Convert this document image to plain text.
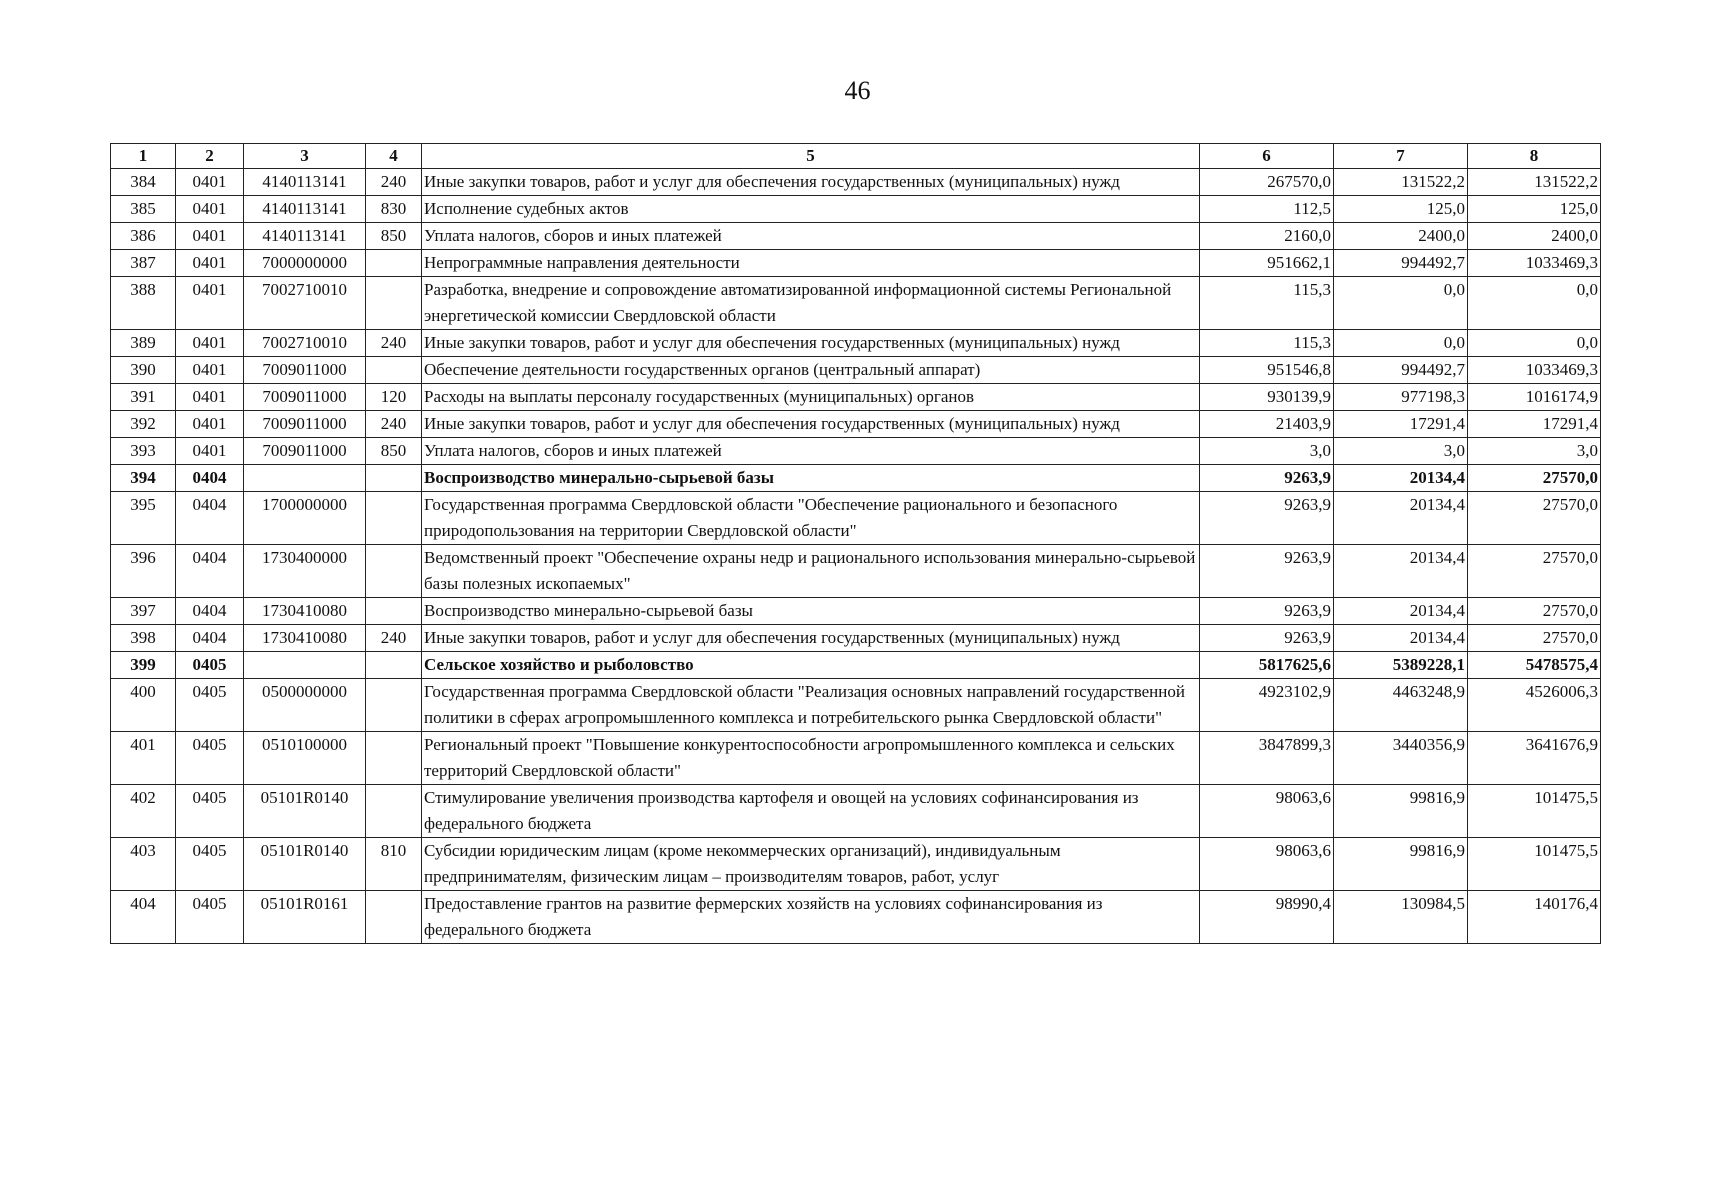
46
1	2	3	4	5	6	7	8
384	0401	4140113141	240	Иные закупки товаров, работ и услуг для обеспечения государственных (муниципальных) нужд	267570,0	131522,2	131522,2
385	0401	4140113141	830	Исполнение судебных актов	112,5	125,0	125,0
386	0401	4140113141	850	Уплата налогов, сборов и иных платежей	2160,0	2400,0	2400,0
387	0401	7000000000		Непрограммные направления деятельности	951662,1	994492,7	1033469,3
388	0401	7002710010		Разработка, внедрение и сопровождение автоматизированной информационной системы Региональной энергетической комиссии Свердловской области	115,3	0,0	0,0
389	0401	7002710010	240	Иные закупки товаров, работ и услуг для обеспечения государственных (муниципальных) нужд	115,3	0,0	0,0
390	0401	7009011000		Обеспечение деятельности государственных органов (центральный аппарат)	951546,8	994492,7	1033469,3
391	0401	7009011000	120	Расходы на выплаты персоналу государственных (муниципальных) органов	930139,9	977198,3	1016174,9
392	0401	7009011000	240	Иные закупки товаров, работ и услуг для обеспечения государственных (муниципальных) нужд	21403,9	17291,4	17291,4
393	0401	7009011000	850	Уплата налогов, сборов и иных платежей	3,0	3,0	3,0
394	0404			Воспроизводство минерально-сырьевой базы	9263,9	20134,4	27570,0
395	0404	1700000000		Государственная программа Свердловской области "Обеспечение рационального и безопасного природопользования на территории Свердловской области"	9263,9	20134,4	27570,0
396	0404	1730400000		Ведомственный проект "Обеспечение охраны недр и рационального использования минерально-сырьевой базы полезных ископаемых"	9263,9	20134,4	27570,0
397	0404	1730410080		Воспроизводство минерально-сырьевой базы	9263,9	20134,4	27570,0
398	0404	1730410080	240	Иные закупки товаров, работ и услуг для обеспечения государственных (муниципальных) нужд	9263,9	20134,4	27570,0
399	0405			Сельское хозяйство и рыболовство	5817625,6	5389228,1	5478575,4
400	0405	0500000000		Государственная программа Свердловской области "Реализация основных направлений государственной политики в сферах агропромышленного комплекса и потребительского рынка Свердловской области"	4923102,9	4463248,9	4526006,3
401	0405	0510100000		Региональный проект "Повышение конкурентоспособности агропромышленного комплекса и сельских территорий Свердловской области"	3847899,3	3440356,9	3641676,9
402	0405	05101R0140		Стимулирование увеличения производства картофеля и овощей на условиях софинансирования из федерального бюджета	98063,6	99816,9	101475,5
403	0405	05101R0140	810	Субсидии юридическим лицам (кроме некоммерческих организаций), индивидуальным предпринимателям, физическим лицам – производителям товаров, работ, услуг	98063,6	99816,9	101475,5
404	0405	05101R0161		Предоставление грантов на развитие фермерских хозяйств на условиях софинансирования из федерального бюджета	98990,4	130984,5	140176,4
